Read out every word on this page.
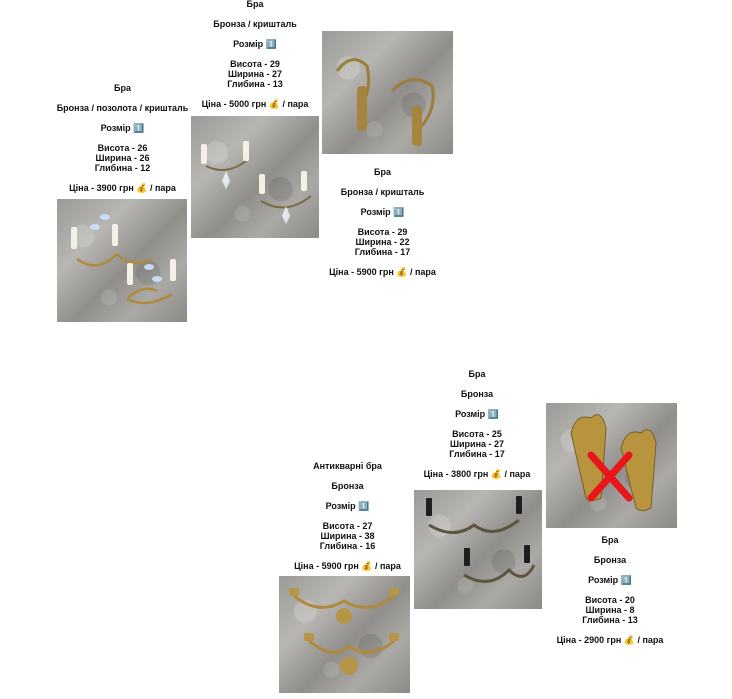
Бра
Бронза / позолота / кришталь
Розмір 1️⃣
Висота - 26
Ширина - 26
Глибина - 12
Ціна - 3900 грн 💰 / пара
Бра
Бронза / кришталь
Розмір 1️⃣
Висота - 29
Ширина - 27
Глибина - 13
Ціна - 5000 грн 💰 / пара
Бра
Бронза / кришталь
Розмір 1️⃣
Висота - 29
Ширина - 22
Глибина - 17
Ціна - 5900 грн 💰 / пара
Антикварні бра
Бронза
Розмір 1️⃣
Висота - 27
Ширина - 38
Глибина - 16
Ціна - 5900 грн 💰 / пара
Бра
Бронза
Розмір 1️⃣
Висота - 25
Ширина - 27
Глибина - 17
Ціна - 3800 грн 💰 / пара
Бра
Бронза
Розмір 1️⃣
Висота - 20
Ширина - 8
Глибина - 13
Ціна - 2900 грн 💰 / пара
